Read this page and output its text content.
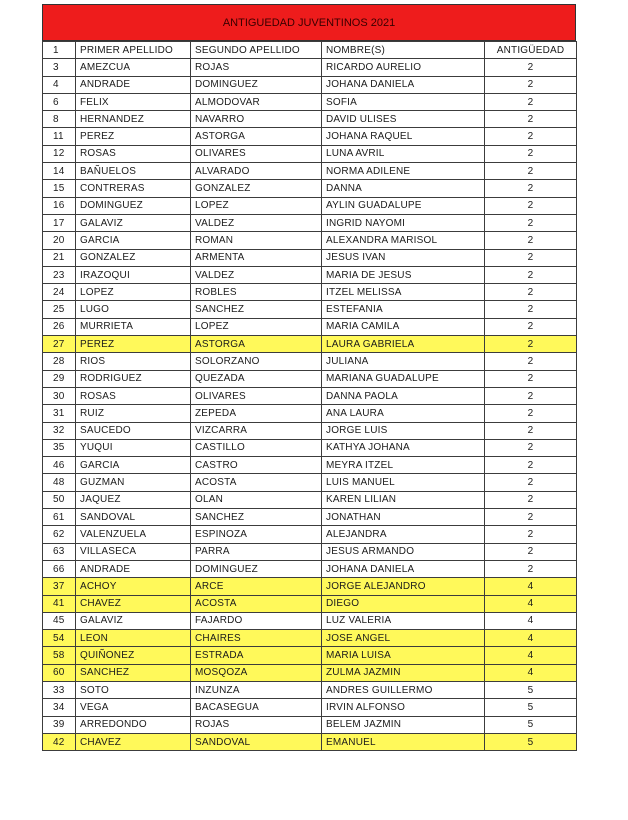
ANTIGUEDAD JUVENTINOS 2021
1	PRIMER APELLIDO	SEGUNDO APELLIDO	NOMBRE(S)	ANTIGÜEDAD
3	AMEZCUA	ROJAS	RICARDO AURELIO	2
4	ANDRADE	DOMINGUEZ	JOHANA DANIELA	2
6	FELIX	ALMODOVAR	SOFIA	2
8	HERNANDEZ	NAVARRO	DAVID ULISES	2
11	PEREZ	ASTORGA	JOHANA RAQUEL	2
12	ROSAS	OLIVARES	LUNA AVRIL	2
14	BAÑUELOS	ALVARADO	NORMA ADILENE	2
15	CONTRERAS	GONZALEZ	DANNA	2
16	DOMINGUEZ	LOPEZ	AYLIN GUADALUPE	2
17	GALAVIZ	VALDEZ	INGRID NAYOMI	2
20	GARCIA	ROMAN	ALEXANDRA MARISOL	2
21	GONZALEZ	ARMENTA	JESUS IVAN	2
23	IRAZOQUI	VALDEZ	MARIA DE JESUS	2
24	LOPEZ	ROBLES	ITZEL MELISSA	2
25	LUGO	SANCHEZ	ESTEFANIA	2
26	MURRIETA	LOPEZ	MARIA CAMILA	2
27	PEREZ	ASTORGA	LAURA GABRIELA	2
28	RIOS	SOLORZANO	JULIANA	2
29	RODRIGUEZ	QUEZADA	MARIANA GUADALUPE	2
30	ROSAS	OLIVARES	DANNA PAOLA	2
31	RUIZ	ZEPEDA	ANA LAURA	2
32	SAUCEDO	VIZCARRA	JORGE LUIS	2
35	YUQUI	CASTILLO	KATHYA JOHANA	2
46	GARCIA	CASTRO	MEYRA ITZEL	2
48	GUZMAN	ACOSTA	LUIS MANUEL	2
50	JAQUEZ	OLAN	KAREN LILIAN	2
61	SANDOVAL	SANCHEZ	JONATHAN	2
62	VALENZUELA	ESPINOZA	ALEJANDRA	2
63	VILLASECA	PARRA	JESUS ARMANDO	2
66	ANDRADE	DOMINGUEZ	JOHANA DANIELA	2
37	ACHOY	ARCE	JORGE ALEJANDRO	4
41	CHAVEZ	ACOSTA	DIEGO	4
45	GALAVIZ	FAJARDO	LUZ VALERIA	4
54	LEON	CHAIRES	JOSE ANGEL	4
58	QUIÑONEZ	ESTRADA	MARIA LUISA	4
60	SANCHEZ	MOSQOZA	ZULMA JAZMIN	4
33	SOTO	INZUNZA	ANDRES GUILLERMO	5
34	VEGA	BACASEGUA	IRVIN ALFONSO	5
39	ARREDONDO	ROJAS	BELEM JAZMIN	5
42	CHAVEZ	SANDOVAL	EMANUEL	5
